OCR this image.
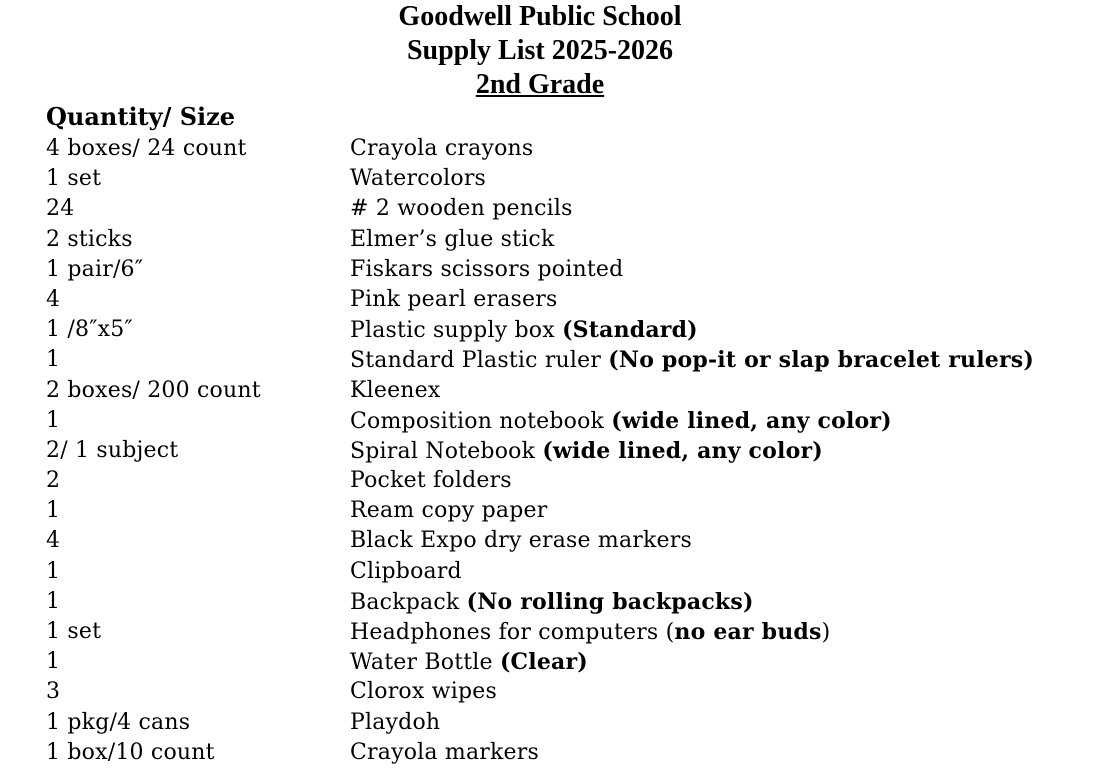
Goodwell Public School
Supply List 2025-2026
2nd Grade
Quantity/ Size
4 boxes/ 24 count	Crayola crayons
1 set	Watercolors
24	# 2 wooden pencils
2 sticks	Elmer’s glue stick
1 pair/6″	Fiskars scissors pointed
4	Pink pearl erasers
1 /8″x5″	Plastic supply box (Standard)
1	Standard Plastic ruler (No pop-it or slap bracelet rulers)
2 boxes/ 200 count	Kleenex
1	Composition notebook (wide lined, any color)
2/ 1 subject	Spiral Notebook (wide lined, any color)
2	Pocket folders
1	Ream copy paper
4	Black Expo dry erase markers
1	Clipboard
1	Backpack (No rolling backpacks)
1 set	Headphones for computers (no ear buds)
1	Water Bottle (Clear)
3	Clorox wipes
1 pkg/4 cans	Playdoh
1 box/10 count	Crayola markers
